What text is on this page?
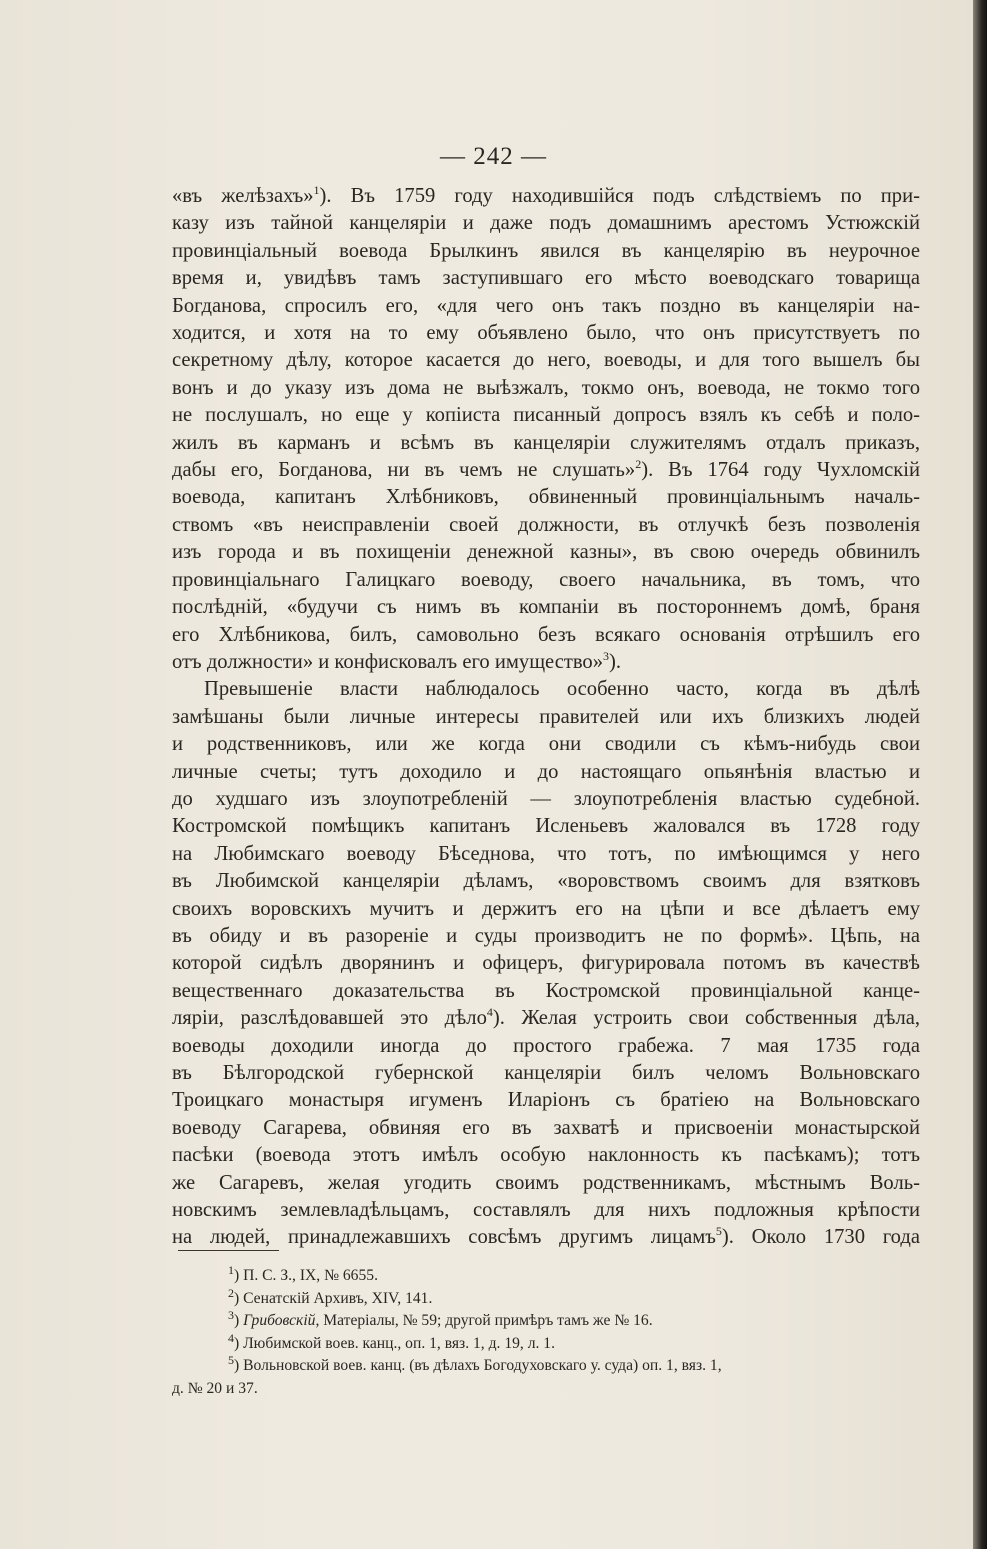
— 242 —
«въ желѣзахъ»$^1$). Въ 1759 году находившійся подъ слѣдствіемъ по при-
казу изъ тайной канцеляріи и даже подъ домашнимъ арестомъ Устюжскій
провинціальный воевода Брылкинъ явился въ канцелярію въ неурочное
время и, увидѣвъ тамъ заступившаго его мѣсто воеводскаго товарища
Богданова, спросилъ его, «для чего онъ такъ поздно въ канцеляріи на-
ходится, и хотя на то ему объявлено было, что онъ присутствуетъ по
секретному дѣлу, которое касается до него, воеводы, и для того вышелъ бы
вонъ и до указу изъ дома не выѣзжалъ, токмо онъ, воевода, не токмо того
не послушалъ, но еще у копіиста писанный допросъ взялъ къ себѣ и поло-
жилъ въ карманъ и всѣмъ въ канцеляріи служителямъ отдалъ приказъ,
дабы его, Богданова, ни въ чемъ не слушать»$^2$). Въ 1764 году Чухломскій
воевода, капитанъ Хлѣбниковъ, обвиненный провинціальнымъ началь-
ствомъ «въ неисправленіи своей должности, въ отлучкѣ безъ позволенія
изъ города и въ похищеніи денежной казны», въ свою очередь обвинилъ
провинціальнаго Галицкаго воеводу, своего начальника, въ томъ, что
послѣдній, «будучи съ нимъ въ компаніи въ постороннемъ домѣ, браня
его Хлѣбникова, билъ, самовольно безъ всякаго основанія отрѣшилъ его
отъ должности» и конфисковалъ его имущество»$^3$).
Превышеніе власти наблюдалось особенно часто, когда въ дѣлѣ
замѣшаны были личные интересы правителей или ихъ близкихъ людей
и родственниковъ, или же когда они сводили съ кѣмъ-нибудь свои
личные счеты; тутъ доходило и до настоящаго опьянѣнія властью и
до худшаго изъ злоупотребленій — злоупотребленія властью судебной.
Костромской помѣщикъ капитанъ Исленьевъ жаловался въ 1728 году
на Любимскаго воеводу Бѣседнова, что тотъ, по имѣющимся у него
въ Любимской канцеляріи дѣламъ, «воровствомъ своимъ для взятковъ
своихъ воровскихъ мучитъ и держитъ его на цѣпи и все дѣлаетъ ему
въ обиду и въ разореніе и суды производитъ не по формѣ». Цѣпь, на
которой сидѣлъ дворянинъ и офицеръ, фигурировала потомъ въ качествѣ
вещественнаго доказательства въ Костромской провинціальной канце-
ляріи, разслѣдовавшей это дѣло$^4$). Желая устроить свои собственныя дѣла,
воеводы доходили иногда до простого грабежа. 7 мая 1735 года
въ Бѣлгородской губернской канцеляріи билъ челомъ Вольновскаго
Троицкаго монастыря игуменъ Иларіонъ съ братіею на Вольновскаго
воеводу Сагарева, обвиняя его въ захватѣ и присвоеніи монастырской
пасѣки (воевода этотъ имѣлъ особую наклонность къ пасѣкамъ); тотъ
же Сагаревъ, желая угодить своимъ родственникамъ, мѣстнымъ Воль-
новскимъ землевладѣльцамъ, составлялъ для нихъ подложныя крѣпости
на людей, принадлежавшихъ совсѣмъ другимъ лицамъ$^5$). Около 1730 года
$^1$) П. С. З., IX, № 6655.
$^2$) Сенатскій Архивъ, XIV, 141.
$^3$) Грибовскій, Матеріалы, № 59; другой примѣръ тамъ же № 16.
$^4$) Любимской воев. канц., оп. 1, вяз. 1, д. 19, л. 1.
$^5$) Вольновской воев. канц. (въ дѣлахъ Богодуховскаго у. суда) оп. 1, вяз. 1,
д. № 20 и 37.
